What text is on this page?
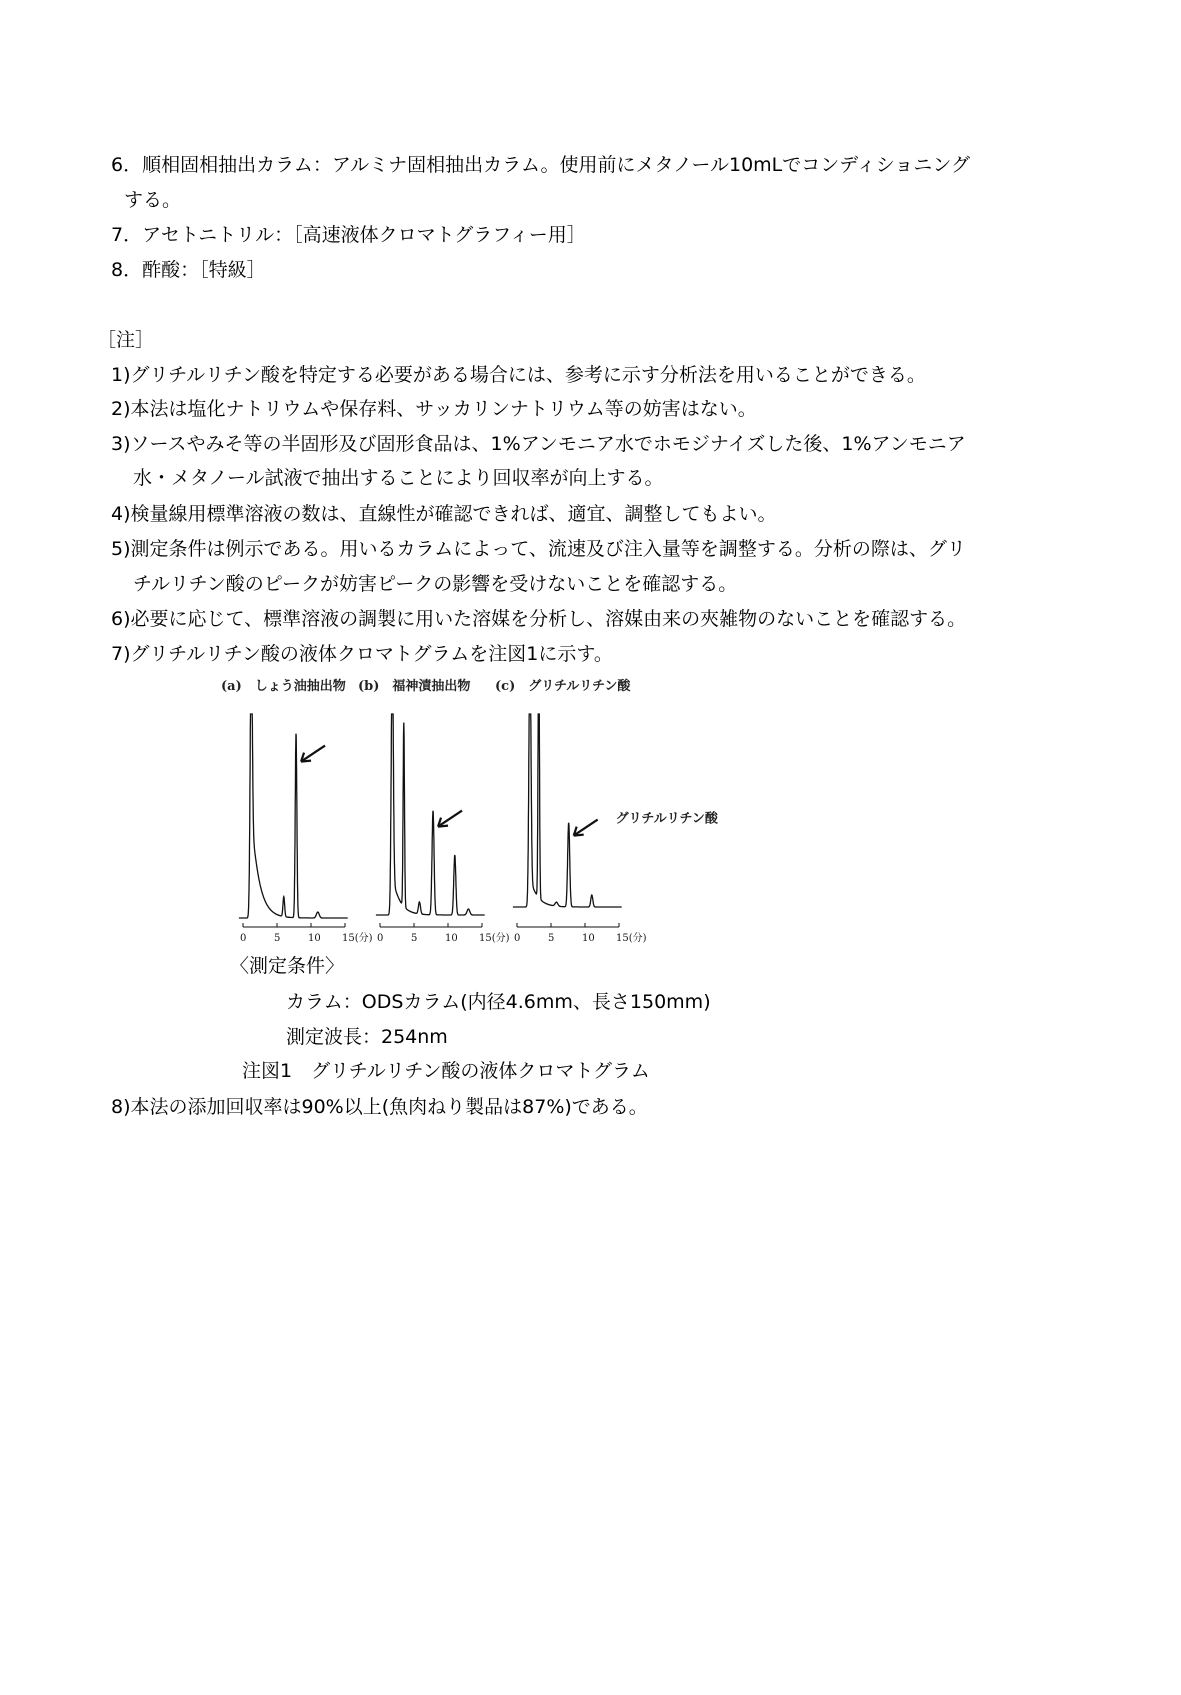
6．順相固相抽出カラム：アルミナ固相抽出カラム。使用前にメタノール10mLでコンディショニング
する。
7．アセトニトリル：［高速液体クロマトグラフィー用］
8．酢酸：［特級］
［注］
1)グリチルリチン酸を特定する必要がある場合には、参考に示す分析法を用いることができる。
2)本法は塩化ナトリウムや保存料、サッカリンナトリウム等の妨害はない。
3)ソースやみそ等の半固形及び固形食品は、1%アンモニア水でホモジナイズした後、1%アンモニア
水・メタノール試液で抽出することにより回収率が向上する。
4)検量線用標準溶液の数は、直線性が確認できれば、適宜、調整してもよい。
5)測定条件は例示である。用いるカラムによって、流速及び注入量等を調整する。分析の際は、グリ
チルリチン酸のピークが妨害ピークの影響を受けないことを確認する。
6)必要に応じて、標準溶液の調製に用いた溶媒を分析し、溶媒由来の夾雑物のないことを確認する。
7)グリチルリチン酸の液体クロマトグラムを注図1に示す。
(a)　しょう油抽出物
0	5	10 15(分)
(b)　福神漬抽出物
0	5	10 15(分)
(c)　グリチルリチン酸
0	5	10 15(分)
グリチルリチン酸
〈測定条件〉
カラム：ODSカラム(内径4.6mm、長さ150mm)
測定波長：254nm
注図1　グリチルリチン酸の液体クロマトグラム
8)本法の添加回収率は90%以上(魚肉ねり製品は87%)である。
